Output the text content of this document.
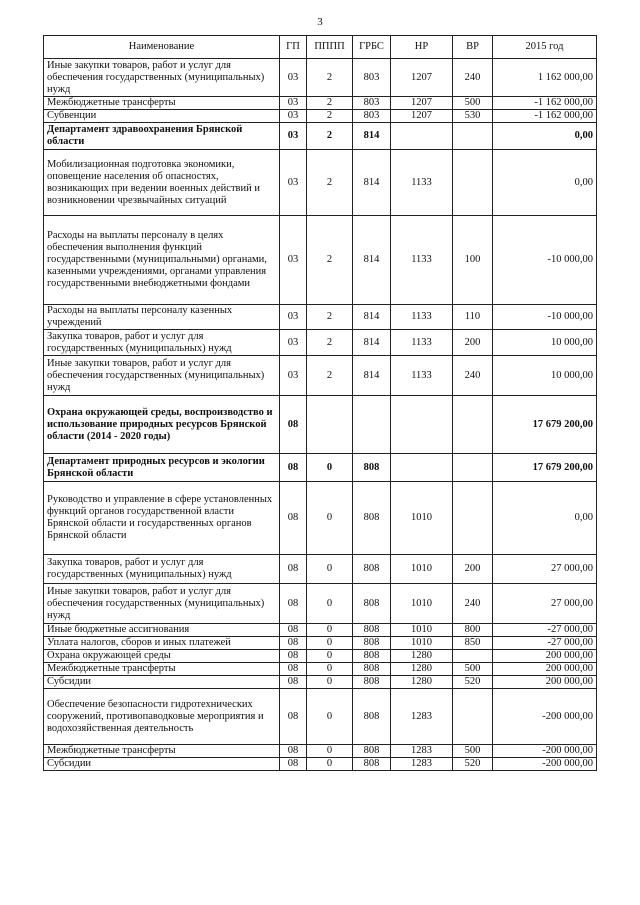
3
Наименование	ГП	ПППП	ГРБС	НР	ВР	2015 год
Иные закупки товаров, работ и услуг для обеспечения государственных (муниципальных) нужд	03	2	803	1207	240	1 162 000,00
Межбюджетные трансферты	03	2	803	1207	500	-1 162 000,00
Субвенции	03	2	803	1207	530	-1 162 000,00
Департамент здравоохранения Брянской области	03	2	814			0,00
Мобилизационная подготовка экономики, оповещение населения об опасностях, возникающих при ведении военных действий и возникновении чрезвычайных ситуаций	03	2	814	1133		0,00
Расходы на выплаты персоналу в целях обеспечения выполнения функций государственными (муниципальными) органами, казенными учреждениями, органами управления государственными внебюджетными фондами	03	2	814	1133	100	-10 000,00
Расходы на выплаты персоналу казенных учреждений	03	2	814	1133	110	-10 000,00
Закупка товаров, работ и услуг для государственных (муниципальных) нужд	03	2	814	1133	200	10 000,00
Иные закупки товаров, работ и услуг для обеспечения государственных (муниципальных) нужд	03	2	814	1133	240	10 000,00
Охрана окружающей среды, воспроизводство и использование природных ресурсов Брянской области (2014 - 2020 годы)	08					17 679 200,00
Департамент природных ресурсов и экологии Брянской области	08	0	808			17 679 200,00
Руководство и управление в сфере установленных функций органов государственной власти Брянской области и государственных органов Брянской области	08	0	808	1010		0,00
Закупка товаров, работ и услуг для государственных (муниципальных) нужд	08	0	808	1010	200	27 000,00
Иные закупки товаров, работ и услуг для обеспечения государственных (муниципальных) нужд	08	0	808	1010	240	27 000,00
Иные бюджетные ассигнования	08	0	808	1010	800	-27 000,00
Уплата налогов, сборов и иных платежей	08	0	808	1010	850	-27 000,00
Охрана окружающей среды	08	0	808	1280		200 000,00
Межбюджетные трансферты	08	0	808	1280	500	200 000,00
Субсидии	08	0	808	1280	520	200 000,00
Обеспечение безопасности гидротехнических сооружений, противопаводковые мероприятия и водохозяйственная деятельность	08	0	808	1283		-200 000,00
Межбюджетные трансферты	08	0	808	1283	500	-200 000,00
Субсидии	08	0	808	1283	520	-200 000,00
